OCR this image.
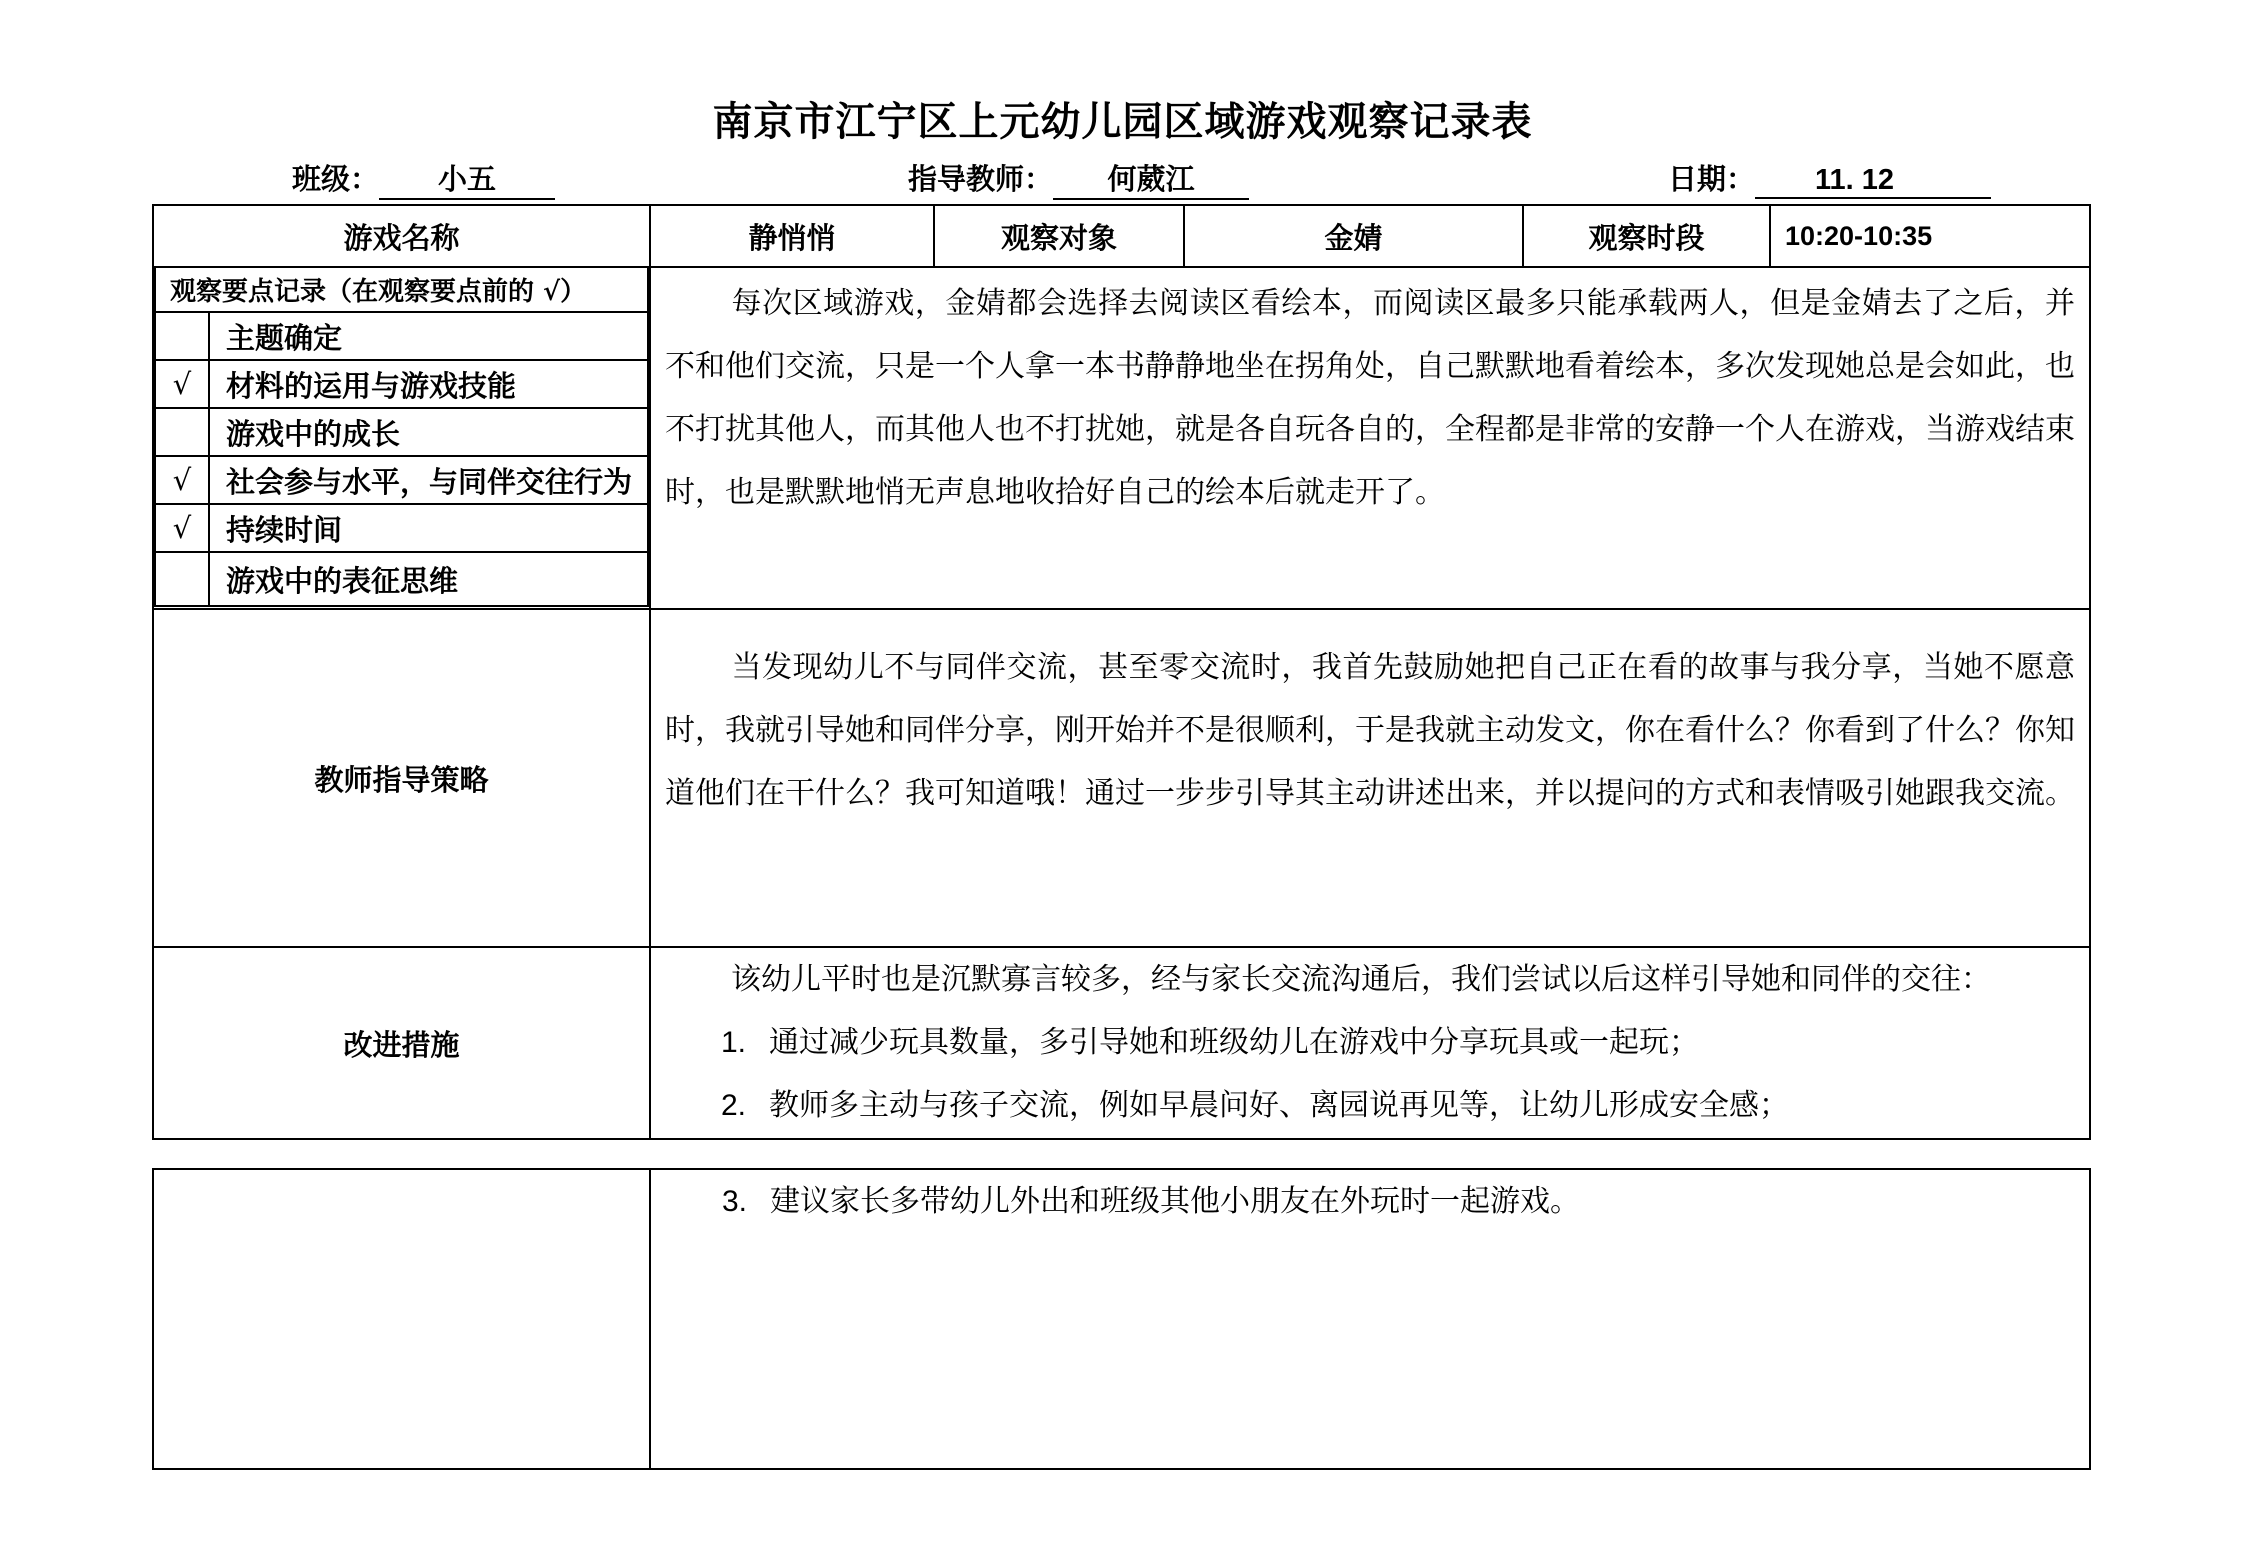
南京市江宁区上元幼儿园区域游戏观察记录表
班级： 小五	指导教师： 何葳江	日期： 11. 12
游戏名称	静悄悄	观察对象	金婧	观察时段	10:20-10:35

观察要点记录（在观察要点前的 √）
	主题确定
√	材料的运用与游戏技能
	游戏中的成长
√	社会参与水平，与同伴交往行为
√	持续时间
	游戏中的表征思维

每次区域游戏，金婧都会选择去阅读区看绘本，而阅读区最多只能承载两人，但是金婧去了之后，并不和他们交流，只是一个人拿一本书静静地坐在拐角处，自己默默地看着绘本，多次发现她总是会如此，也不打扰其他人，而其他人也不打扰她，就是各自玩各自的，全程都是非常的安静一个人在游戏，当游戏结束时，也是默默地悄无声息地收拾好自己的绘本后就走开了。

教师指导策略	
当发现幼儿不与同伴交流，甚至零交流时，我首先鼓励她把自己正在看的故事与我分享，当她不愿意时，我就引导她和同伴分享，刚开始并不是很顺利，于是我就主动发文，你在看什么？你看到了什么？你知道他们在干什么？我可知道哦！通过一步步引导其主动讲述出来，并以提问的方式和表情吸引她跟我交流。

改进措施	
该幼儿平时也是沉默寡言较多，经与家长交流沟通后，我们尝试以后这样引导她和同伴的交往：
1. 通过减少玩具数量，多引导她和班级幼儿在游戏中分享玩具或一起玩；
2. 教师多主动与孩子交流，例如早晨问好、离园说再见等，让幼儿形成安全感；

3. 建议家长多带幼儿外出和班级其他小朋友在外玩时一起游戏。
